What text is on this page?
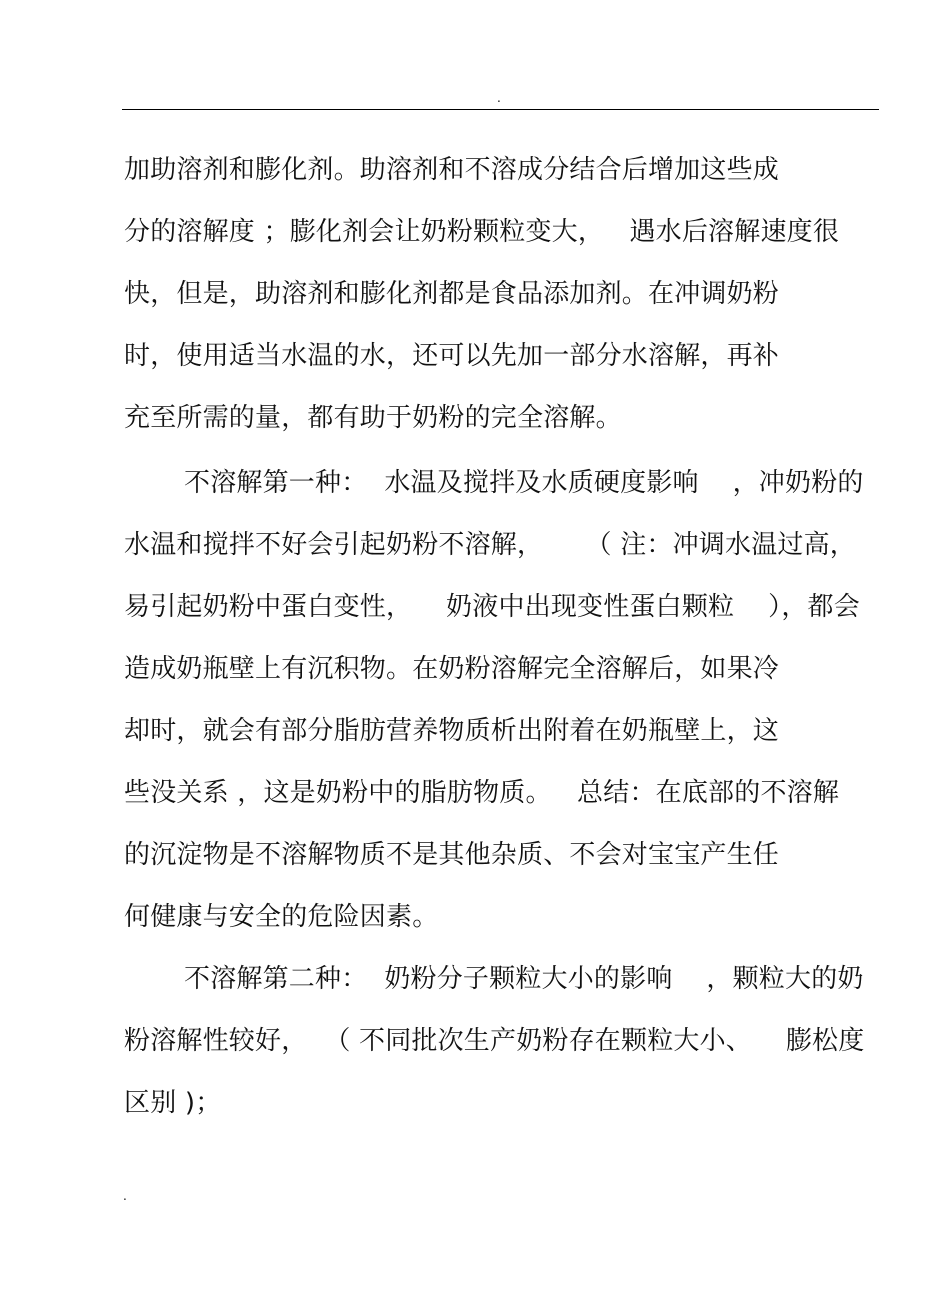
.
加助溶剂和膨化剂。助溶剂和不溶成分结合后增加这些成
分的溶解度 ；膨化剂会让奶粉颗粒变大，   遇水后溶解速度很
快，但是，助溶剂和膨化剂都是食品添加剂。在冲调奶粉
时，使用适当水温的水，还可以先加一部分水溶解，再补
充至所需的量，都有助于奶粉的完全溶解。
不溶解第一种：  水温及搅拌及水质硬度影响    ，冲奶粉的
水温和搅拌不好会引起奶粉不溶解，     （ 注：冲调水温过高，
易引起奶粉中蛋白变性，    奶液中出现变性蛋白颗粒    ），都会
造成奶瓶壁上有沉积物。在奶粉溶解完全溶解后，如果冷
却时，就会有部分脂肪营养物质析出附着在奶瓶壁上，这
些没关系 ，这是奶粉中的脂肪物质。   总结：在底部的不溶解
的沉淀物是不溶解物质不是其他杂质、不会对宝宝产生任
何健康与安全的危险因素。
不溶解第二种：  奶粉分子颗粒大小的影响    ，颗粒大的奶
粉溶解性较好，  （ 不同批次生产奶粉存在颗粒大小、    膨松度
区别 )；
.
